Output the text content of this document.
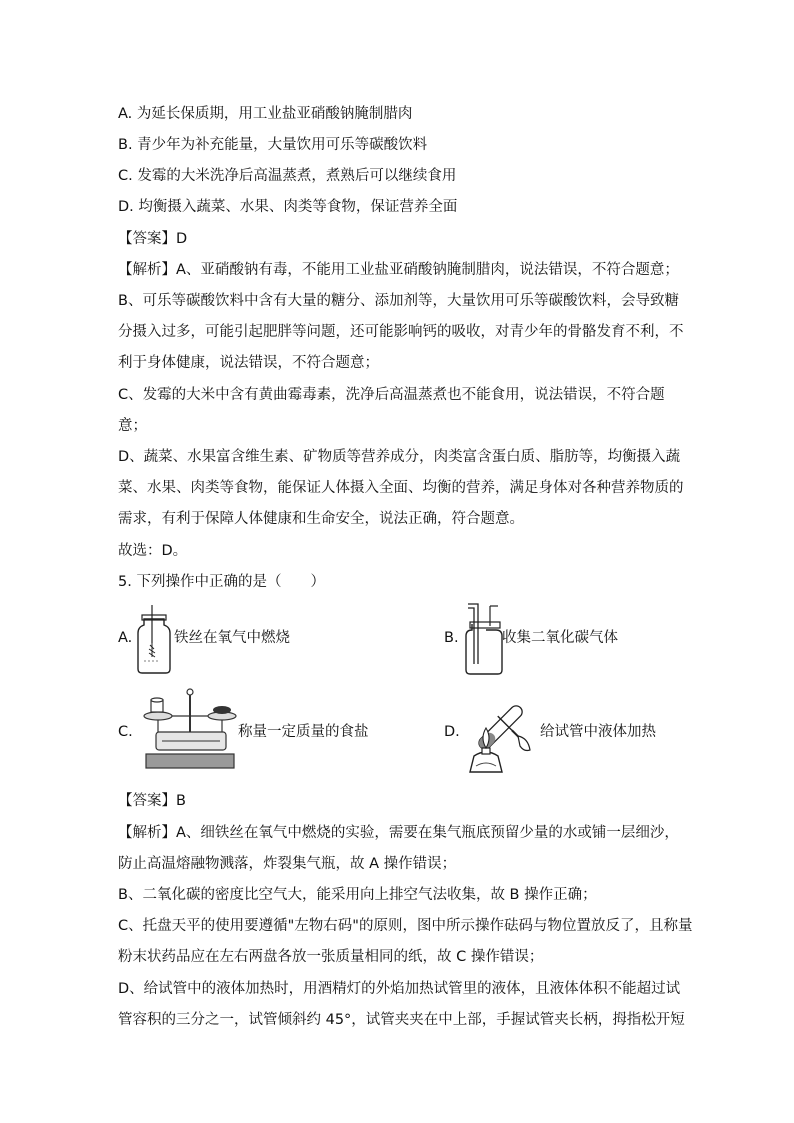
A. 为延长保质期，用工业盐亚硝酸钠腌制腊肉
B. 青少年为补充能量，大量饮用可乐等碳酸饮料
C. 发霉的大米洗净后高温蒸煮，煮熟后可以继续食用
D. 均衡摄入蔬菜、水果、肉类等食物，保证营养全面
【答案】D
【解析】A、亚硝酸钠有毒，不能用工业盐亚硝酸钠腌制腊肉，说法错误，不符合题意；
B、可乐等碳酸饮料中含有大量的糖分、添加剂等，大量饮用可乐等碳酸饮料，会导致糖
分摄入过多，可能引起肥胖等问题，还可能影响钙的吸收，对青少年的骨骼发育不利，不
利于身体健康，说法错误，不符合题意；
C、发霉的大米中含有黄曲霉毒素，洗净后高温蒸煮也不能食用，说法错误，不符合题
意；
D、蔬菜、水果富含维生素、矿物质等营养成分，肉类富含蛋白质、脂肪等，均衡摄入蔬
菜、水果、肉类等食物，能保证人体摄入全面、均衡的营养，满足身体对各种营养物质的
需求，有利于保障人体健康和生命安全，说法正确，符合题意。
故选：D。
5. 下列操作中正确的是（　　）
A.	铁丝在氧气中燃烧	B.	收集二氧化碳气体
C.	称量一定质量的食盐	D.	给试管中液体加热
【答案】B
【解析】A、细铁丝在氧气中燃烧的实验，需要在集气瓶底预留少量的水或铺一层细沙，
防止高温熔融物溅落，炸裂集气瓶，故 A 操作错误；
B、二氧化碳的密度比空气大，能采用向上排空气法收集，故 B 操作正确；
C、托盘天平的使用要遵循"左物右码"的原则，图中所示操作砝码与物位置放反了，且称量
粉末状药品应在左右两盘各放一张质量相同的纸，故 C 操作错误；
D、给试管中的液体加热时，用酒精灯的外焰加热试管里的液体，且液体体积不能超过试
管容积的三分之一，试管倾斜约 45°，试管夹夹在中上部，手握试管夹长柄，拇指松开短
